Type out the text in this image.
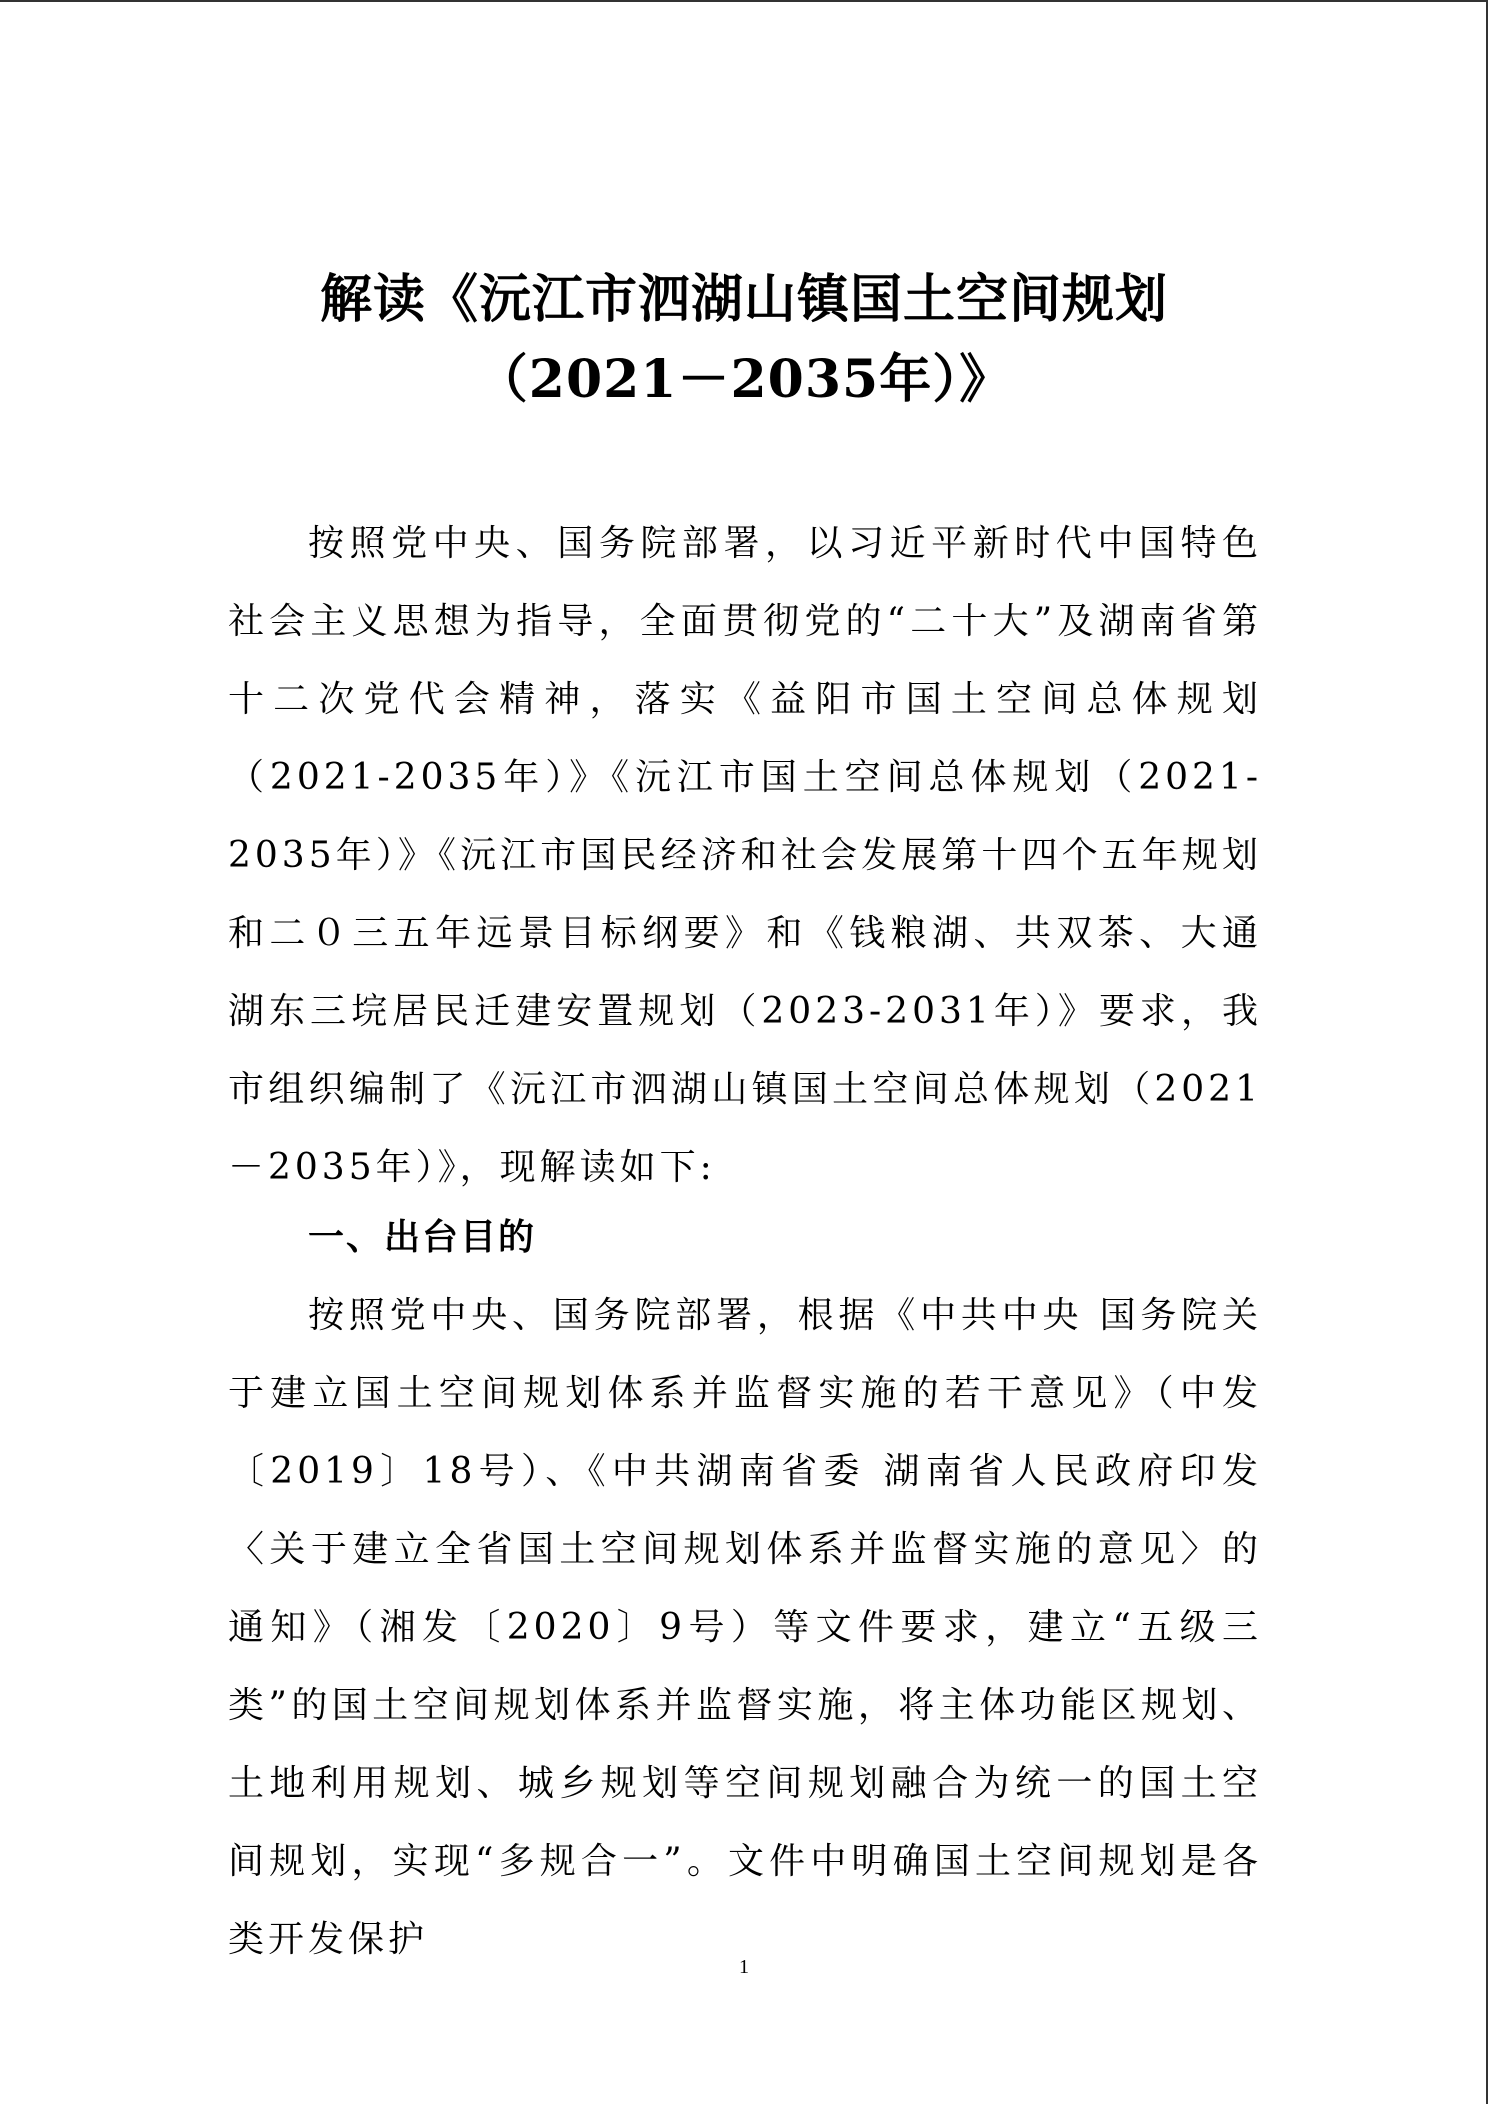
解读《沅江市泗湖山镇国土空间规划
（2021－2035年）》

按照党中央、国务院部署，以习近平新时代中国特色社会主义思想为指导，全面贯彻党的“二十大”及湖南省第十二次党代会精神，落实《益阳市国土空间总体规划（2021-2035年）》《沅江市国土空间总体规划（2021-2035年）》《沅江市国民经济和社会发展第十四个五年规划和二０三五年远景目标纲要》和《钱粮湖、共双茶、大通湖东三垸居民迁建安置规划（2023-2031年）》要求，我市组织编制了《沅江市泗湖山镇国土空间总体规划（2021－2035年）》，现解读如下:

一、出台目的

按照党中央、国务院部署，根据《中共中央 国务院关于建立国土空间规划体系并监督实施的若干意见》（中发〔2019〕18号）、《中共湖南省委 湖南省人民政府印发〈关于建立全省国土空间规划体系并监督实施的意见〉的通知》（湘发〔2020〕9号）等文件要求，建立“五级三类”的国土空间规划体系并监督实施，将主体功能区规划、土地利用规划、城乡规划等空间规划融合为统一的国土空间规划，实现“多规合一”。文件中明确国土空间规划是各类开发保护

1
